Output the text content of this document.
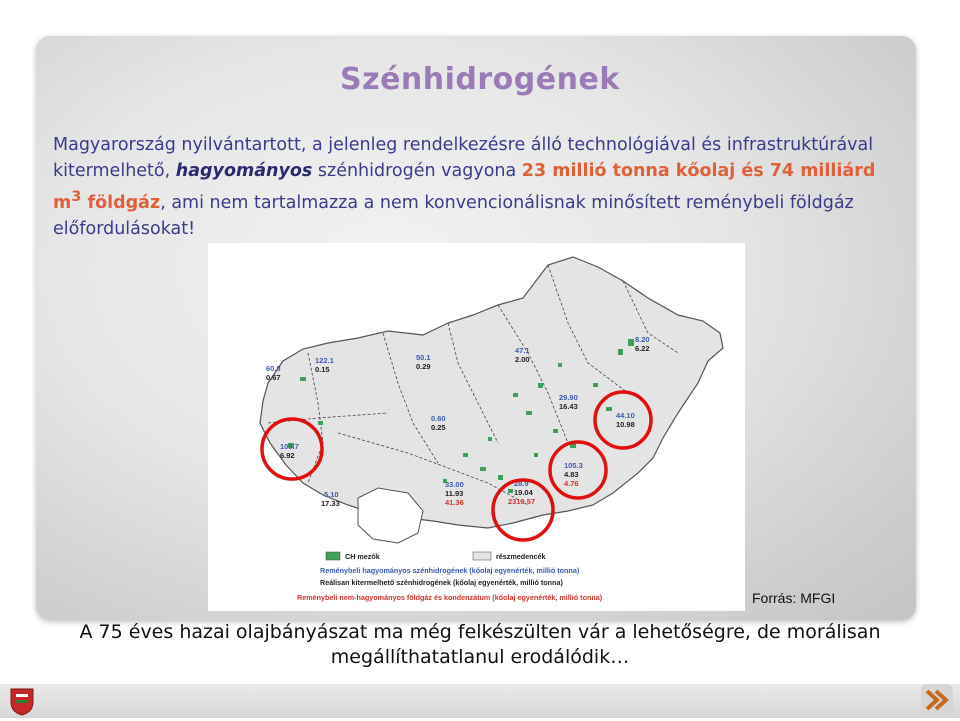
Szénhidrogének
Magyarország nyilvántartott, a jelenleg rendelkezésre álló technológiával és infrastruktúrával kitermelhető, hagyományos szénhidrogén vagyona 23 millió tonna kőolaj és 74 milliárd $m^3$ földgáz, ami nem tartalmazza a nem konvencionálisnak minősített reménybeli földgáz előfordulásokat!
60.8
0.67
122.1
0.15
50.1
0.29
47.1
2.00
8.20
6.22
29.90
16.43
0.60
0.25
44.10
10.98
105.7
6.92
105.3
4.83
4.76
33.00
11.93
41.36
28.9
19.04
2319.57
5.10
17.33
CH mezők	részmedencék
Reménybeli hagyományos szénhidrogének (kőolaj egyenérték, millió tonna)
Reálisan kitermelhető szénhidrogének (kőolaj egyenérték, millió tonna)
Reménybeli nem-hagyományos földgáz és kondenzátum (kőolaj egyenérték, millió tonna)	Forrás: MFGI
A 75 éves hazai olajbányászat ma még felkészülten vár a lehetőségre, de morálisan megállíthatatlanul erodálódik…
